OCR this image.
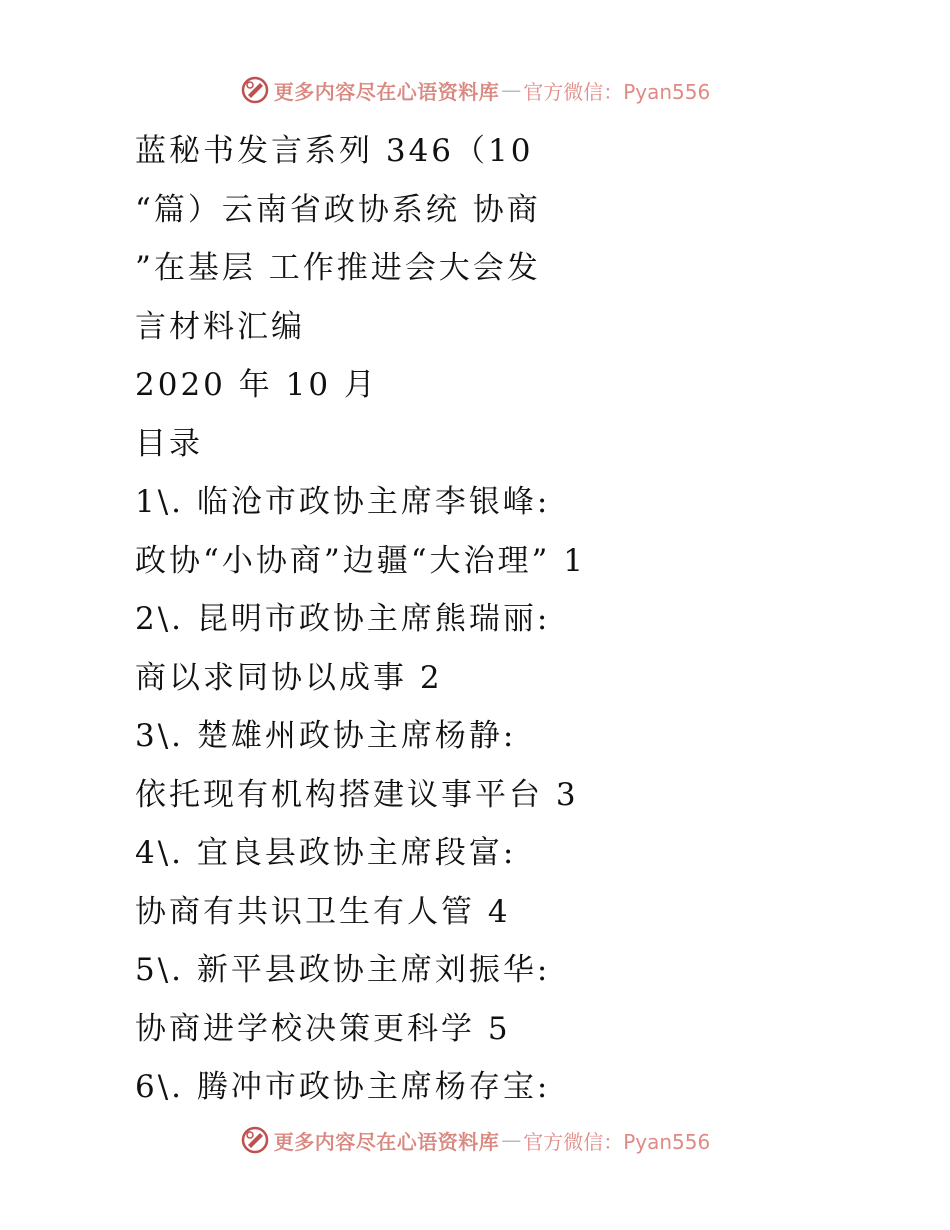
更多内容尽在心语资料库 — 官方微信：Pyan556
蓝秘书发言系列 346（10
“篇）云南省政协系统 协商
”在基层 工作推进会大会发
言材料汇编
2020 年 10 月
目录
1\. 临沧市政协主席李银峰:
政协“小协商”边疆“大治理” 1
2\. 昆明市政协主席熊瑞丽:
商以求同协以成事 2
3\. 楚雄州政协主席杨静:
依托现有机构搭建议事平台 3
4\. 宜良县政协主席段富:
协商有共识卫生有人管 4
5\. 新平县政协主席刘振华:
协商进学校决策更科学 5
6\. 腾冲市政协主席杨存宝:
更多内容尽在心语资料库 — 官方微信：Pyan556
